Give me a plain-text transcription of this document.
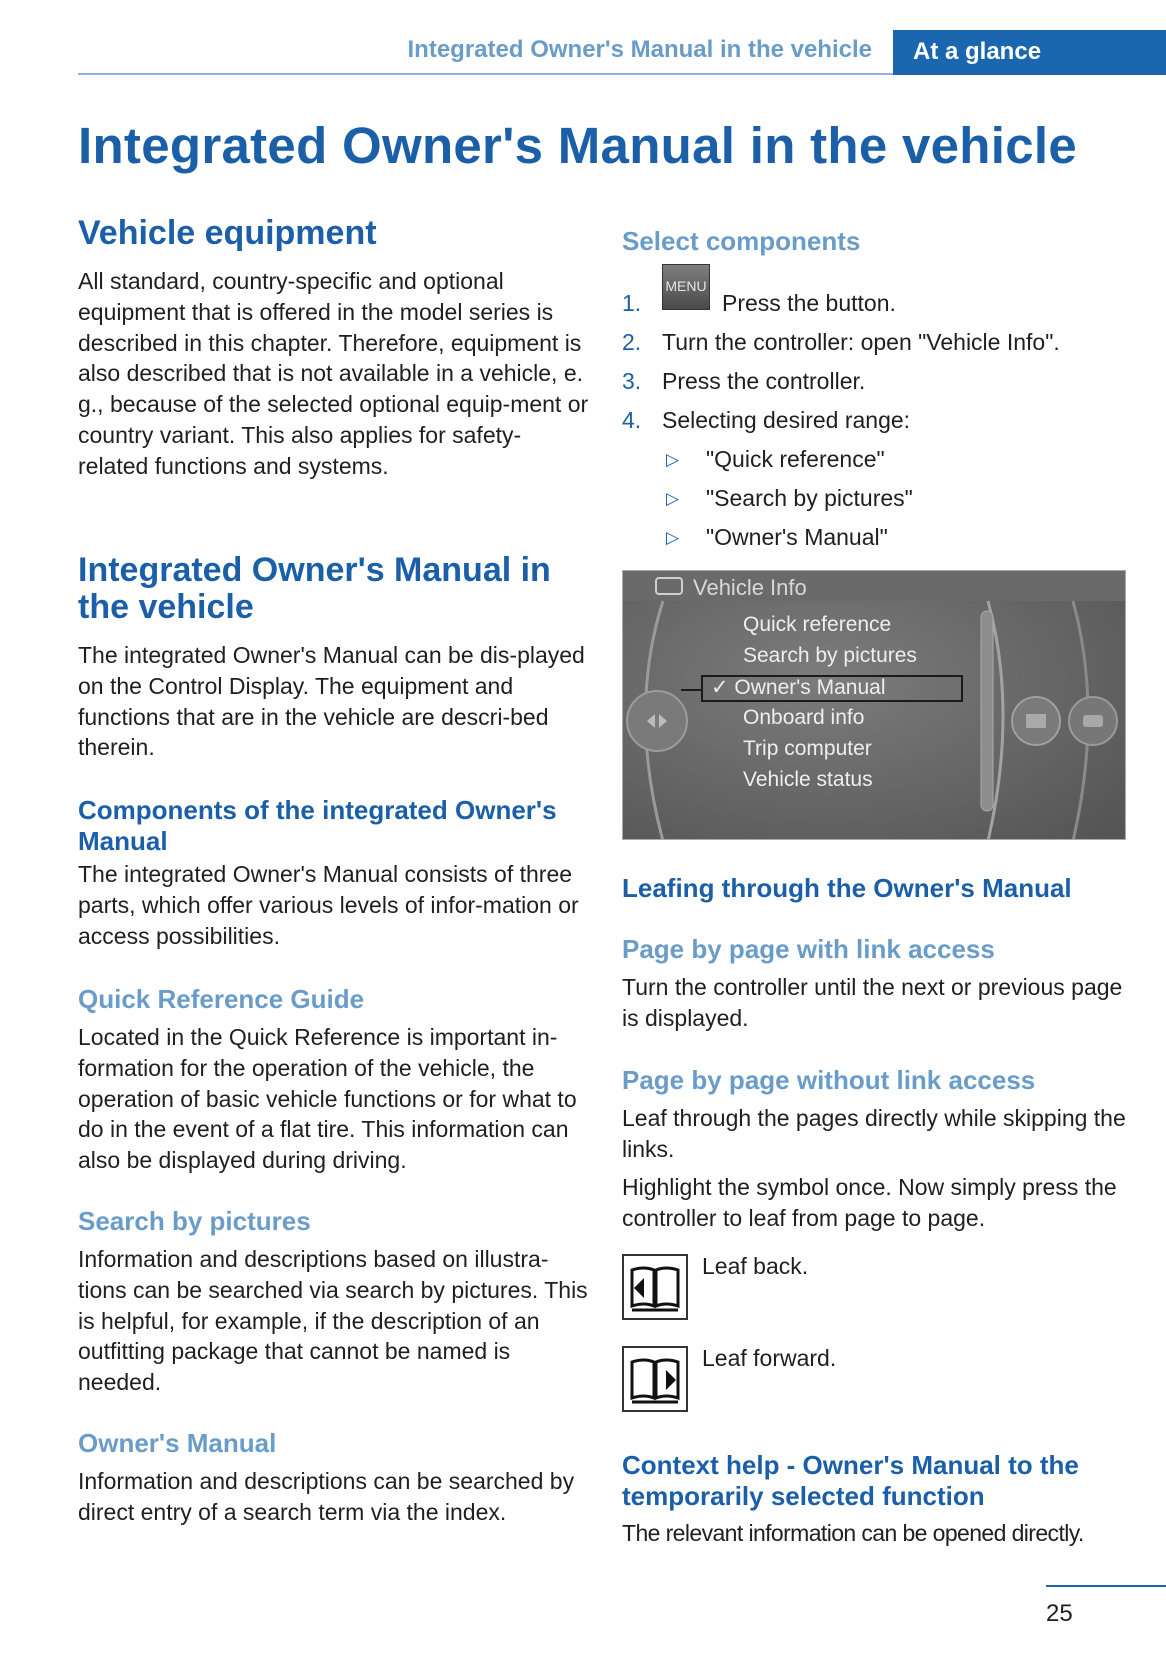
Integrated Owner's Manual in the vehicle	At a glance
Integrated Owner's Manual in the vehicle
Vehicle equipment

All standard, country-specific and optional equipment that is offered in the model series is described in this chapter. Therefore, equipment is also described that is not available in a vehicle, e. g., because of the selected optional equip-ment or country variant. This also applies for safety-related functions and systems.

Integrated Owner's Manual in the vehicle

The integrated Owner's Manual can be dis-played on the Control Display. The equipment and functions that are in the vehicle are descri-bed therein.

Components of the integrated Owner's Manual

The integrated Owner's Manual consists of three parts, which offer various levels of infor-mation or access possibilities.

Quick Reference Guide

Located in the Quick Reference is important in-formation for the operation of the vehicle, the operation of basic vehicle functions or for what to do in the event of a flat tire. This information can also be displayed during driving.

Search by pictures

Information and descriptions based on illustra-tions can be searched via search by pictures. This is helpful, for example, if the description of an outfitting package that cannot be named is needed.

Owner's Manual

Information and descriptions can be searched by direct entry of a search term via the index.

Select components
1.
MENU
Press the button.
2. Turn the controller: open "Vehicle Info".
3. Press the controller.
4. Selecting desired range:
▷ "Quick reference"
▷ "Search by pictures"
▷ "Owner's Manual"
Vehicle Info
Quick reference
Search by pictures
✓ Owner's Manual
Onboard info
Trip computer
Vehicle status
Leafing through the Owner's Manual
Page by page with link access

Turn the controller until the next or previous page is displayed.

Page by page without link access

Leaf through the pages directly while skipping the links.

Highlight the symbol once. Now simply press the controller to leaf from page to page.

Leaf back.
Leaf forward.
Context help - Owner's Manual to the temporarily selected function

The relevant information can be opened directly.

25
